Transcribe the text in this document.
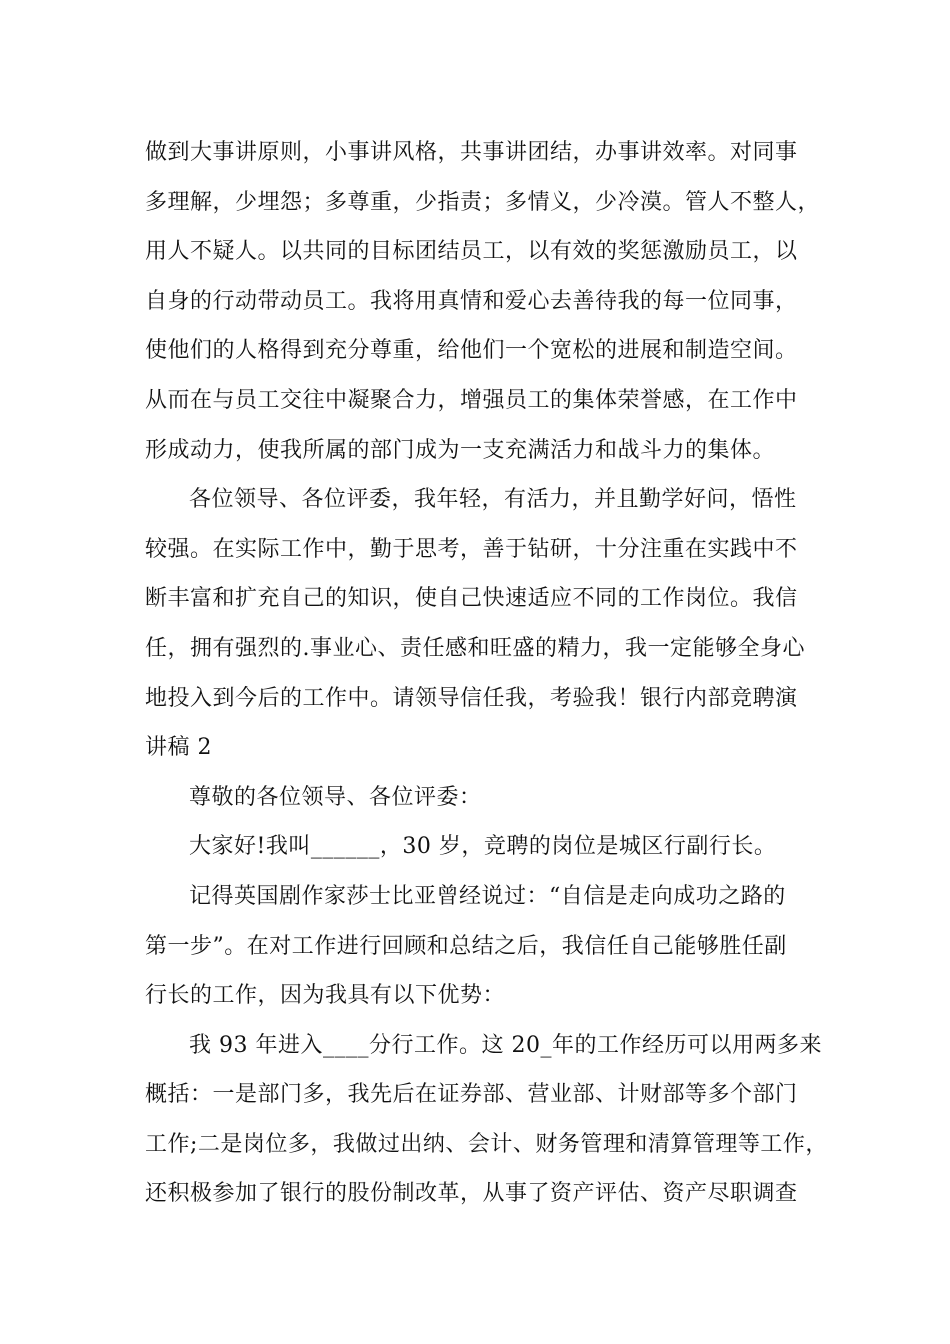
做到大事讲原则，小事讲风格，共事讲团结，办事讲效率。对同事
多理解，少埋怨；多尊重，少指责；多情义，少冷漠。管人不整人，
用人不疑人。以共同的目标团结员工，以有效的奖惩激励员工，以
自身的行动带动员工。我将用真情和爱心去善待我的每一位同事，
使他们的人格得到充分尊重，给他们一个宽松的进展和制造空间。
从而在与员工交往中凝聚合力，增强员工的集体荣誉感，在工作中
形成动力，使我所属的部门成为一支充满活力和战斗力的集体。
各位领导、各位评委，我年轻，有活力，并且勤学好问，悟性
较强。在实际工作中，勤于思考，善于钻研，十分注重在实践中不
断丰富和扩充自己的知识，使自己快速适应不同的工作岗位。我信
任，拥有强烈的.事业心、责任感和旺盛的精力，我一定能够全身心
地投入到今后的工作中。请领导信任我，考验我！银行内部竞聘演
讲稿 2
尊敬的各位领导、各位评委：
大家好!我叫______，30 岁，竞聘的岗位是城区行副行长。
记得英国剧作家莎士比亚曾经说过：“自信是走向成功之路的
第一步”。在对工作进行回顾和总结之后，我信任自己能够胜任副
行长的工作，因为我具有以下优势：
我 93 年进入____分行工作。这 20_年的工作经历可以用两多来
概括：一是部门多，我先后在证券部、营业部、计财部等多个部门
工作;二是岗位多，我做过出纳、会计、财务管理和清算管理等工作，
还积极参加了银行的股份制改革，从事了资产评估、资产尽职调查
